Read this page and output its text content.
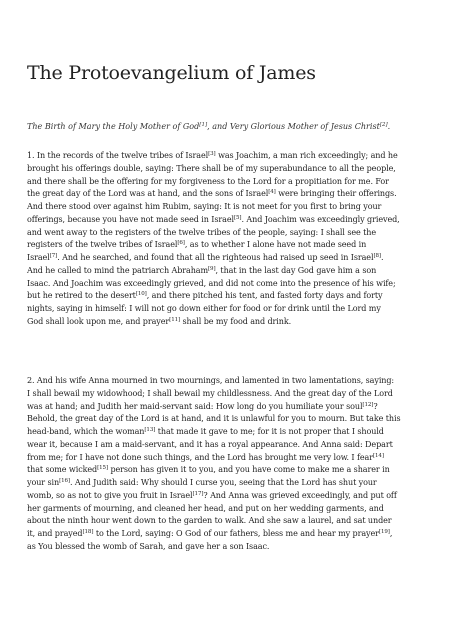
The Protoevangelium of James

The Birth of Mary the Holy Mother of God[1], and Very Glorious Mother of Jesus Christ[2].

1. In the records of the twelve tribes of Israel[3] was Joachim, a man rich exceedingly; and he
brought his offerings double, saying: There shall be of my superabundance to all the people,
and there shall be the offering for my forgiveness to the Lord for a propitiation for me. For
the great day of the Lord was at hand, and the sons of Israel[4] were bringing their offerings.
And there stood over against him Rubim, saying: It is not meet for you first to bring your
offerings, because you have not made seed in Israel[5]. And Joachim was exceedingly grieved,
and went away to the registers of the twelve tribes of the people, saying: I shall see the
registers of the twelve tribes of Israel[6], as to whether I alone have not made seed in
Israel[7]. And he searched, and found that all the righteous had raised up seed in Israel[8].
And he called to mind the patriarch Abraham[9], that in the last day God gave him a son
Isaac. And Joachim was exceedingly grieved, and did not come into the presence of his wife;
but he retired to the desert[10], and there pitched his tent, and fasted forty days and forty
nights, saying in himself: I will not go down either for food or for drink until the Lord my
God shall look upon me, and prayer[11] shall be my food and drink.
2. And his wife Anna mourned in two mournings, and lamented in two lamentations, saying:
I shall bewail my widowhood; I shall bewail my childlessness. And the great day of the Lord
was at hand; and Judith her maid-servant said: How long do you humiliate your soul[12]?
Behold, the great day of the Lord is at hand, and it is unlawful for you to mourn. But take this
head-band, which the woman[13] that made it gave to me; for it is not proper that I should
wear it, because I am a maid-servant, and it has a royal appearance. And Anna said: Depart
from me; for I have not done such things, and the Lord has brought me very low. I fear[14]
that some wicked[15] person has given it to you, and you have come to make me a sharer in
your sin[16]. And Judith said: Why should I curse you, seeing that the Lord has shut your
womb, so as not to give you fruit in Israel[17]? And Anna was grieved exceedingly, and put off
her garments of mourning, and cleaned her head, and put on her wedding garments, and
about the ninth hour went down to the garden to walk. And she saw a laurel, and sat under
it, and prayed[18] to the Lord, saying: O God of our fathers, bless me and hear my prayer[19],
as You blessed the womb of Sarah, and gave her a son Isaac.
